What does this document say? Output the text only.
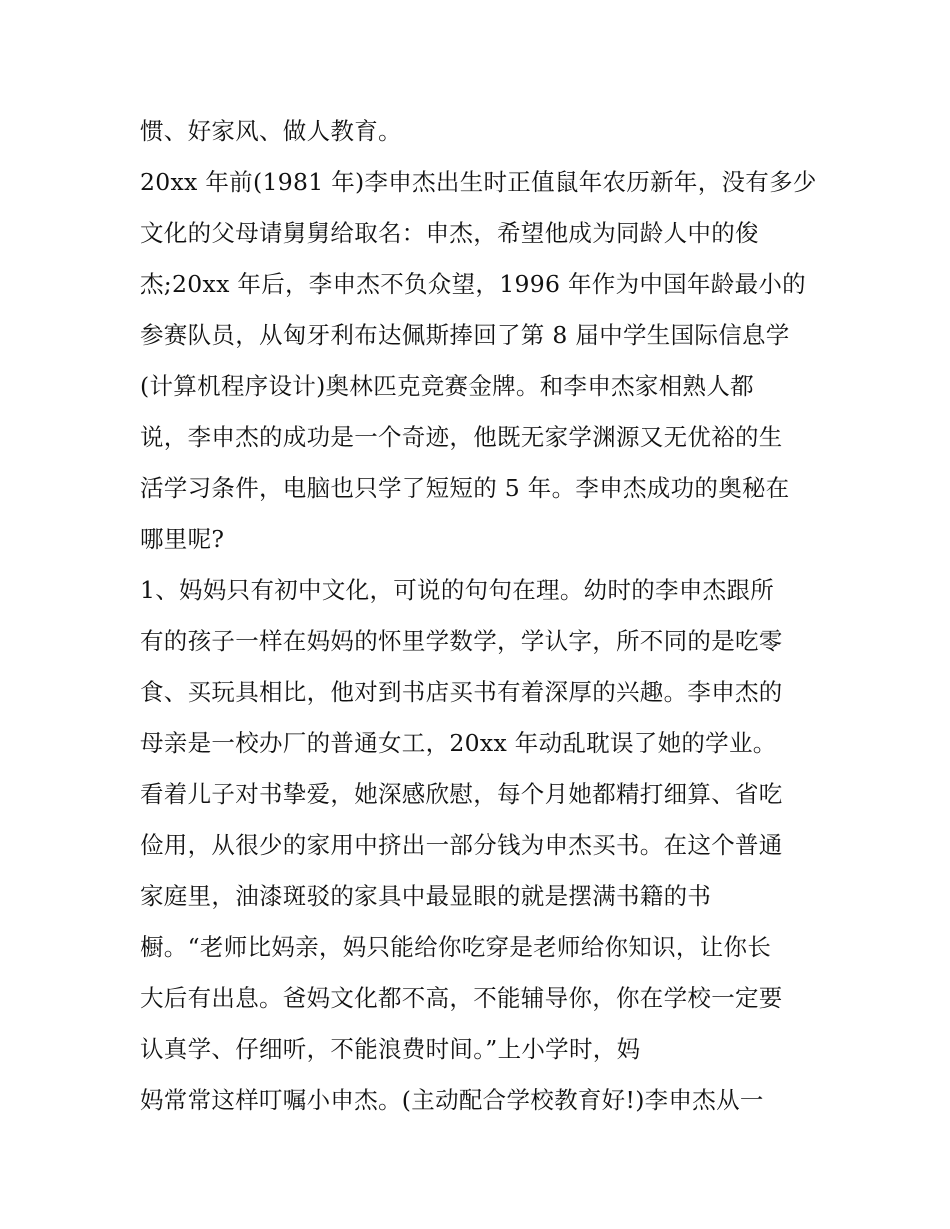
惯、好家风、做人教育。
20xx 年前(1981 年)李申杰出生时正值鼠年农历新年，没有多少
文化的父母请舅舅给取名：申杰，希望他成为同龄人中的俊
杰;20xx 年后，李申杰不负众望，1996 年作为中国年龄最小的
参赛队员，从匈牙利布达佩斯捧回了第 8 届中学生国际信息学
(计算机程序设计)奥林匹克竞赛金牌。和李申杰家相熟人都
说，李申杰的成功是一个奇迹，他既无家学渊源又无优裕的生
活学习条件，电脑也只学了短短的 5 年。李申杰成功的奥秘在
哪里呢?
1、妈妈只有初中文化，可说的句句在理。幼时的李申杰跟所
有的孩子一样在妈妈的怀里学数学，学认字，所不同的是吃零
食、买玩具相比，他对到书店买书有着深厚的兴趣。李申杰的
母亲是一校办厂的普通女工，20xx 年动乱耽误了她的学业。
看着儿子对书挚爱，她深感欣慰，每个月她都精打细算、省吃
俭用，从很少的家用中挤出一部分钱为申杰买书。在这个普通
家庭里，油漆斑驳的家具中最显眼的就是摆满书籍的书
橱。“老师比妈亲，妈只能给你吃穿是老师给你知识，让你长
大后有出息。爸妈文化都不高，不能辅导你，你在学校一定要
认真学、仔细听，不能浪费时间。”上小学时，妈
妈常常这样叮嘱小申杰。(主动配合学校教育好!)李申杰从一
